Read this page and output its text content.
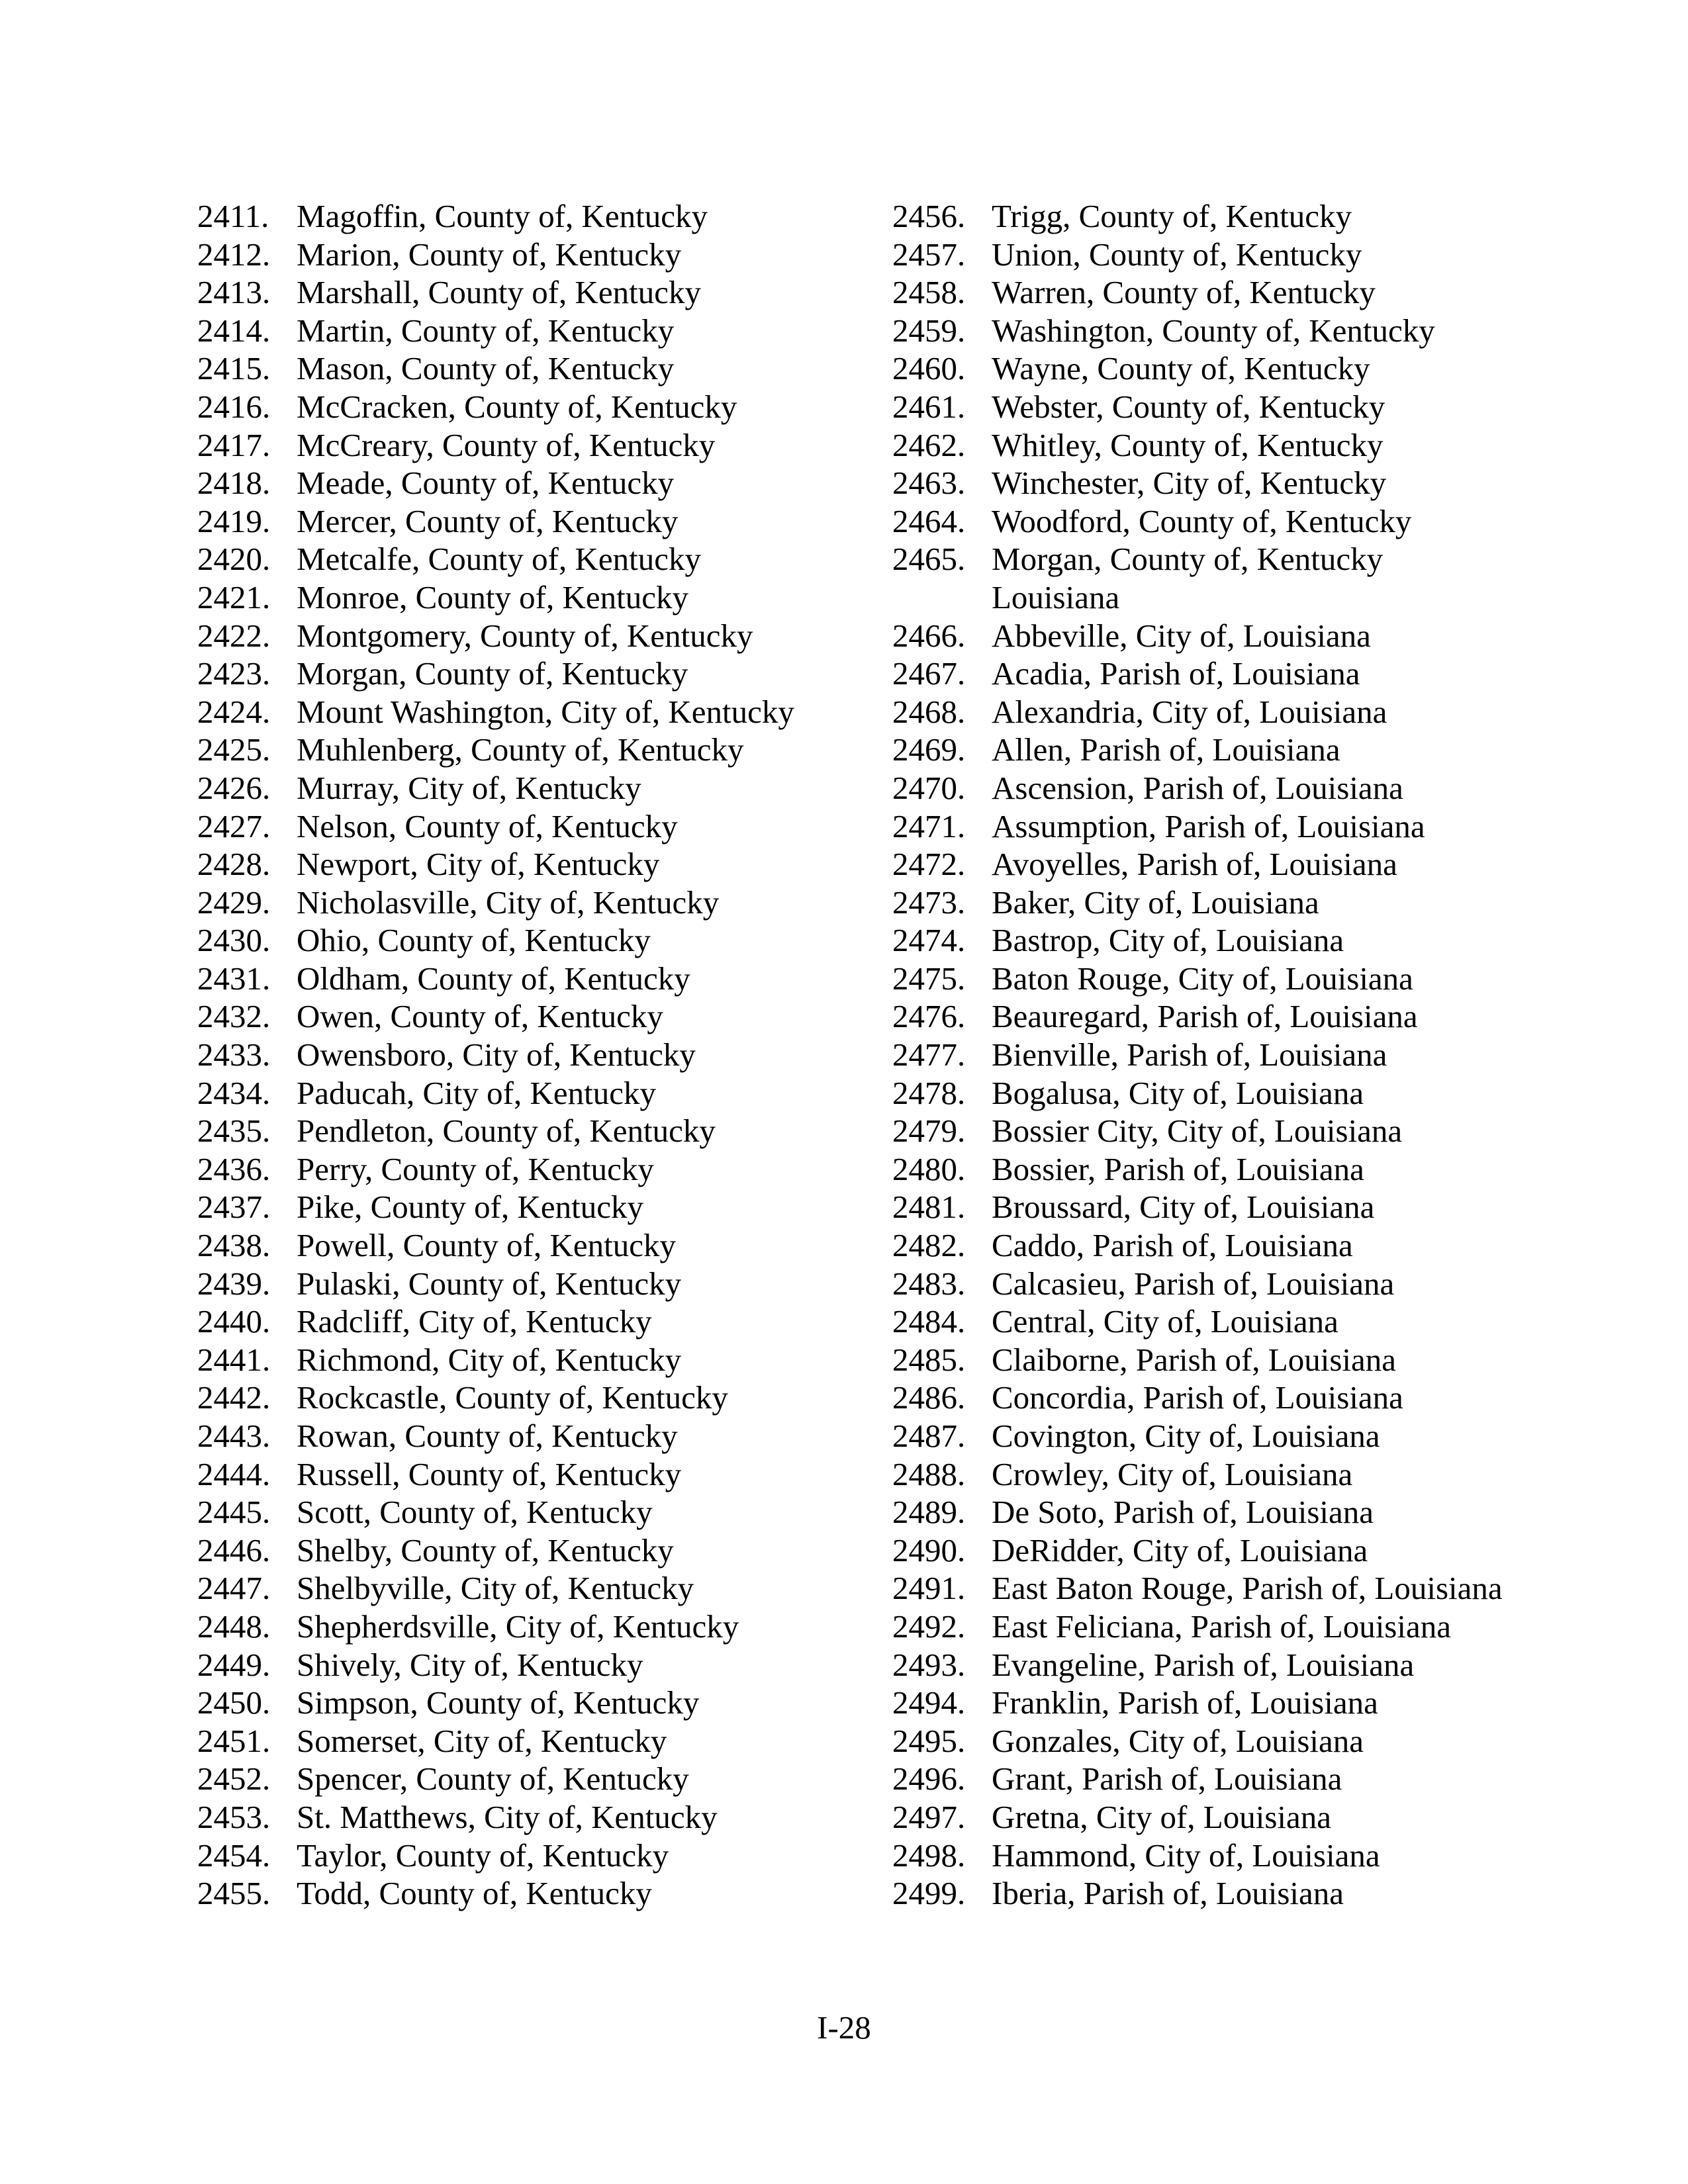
2411. Magoffin, County of, Kentucky
2412. Marion, County of, Kentucky
2413. Marshall, County of, Kentucky
2414. Martin, County of, Kentucky
2415. Mason, County of, Kentucky
2416. McCracken, County of, Kentucky
2417. McCreary, County of, Kentucky
2418. Meade, County of, Kentucky
2419. Mercer, County of, Kentucky
2420. Metcalfe, County of, Kentucky
2421. Monroe, County of, Kentucky
2422. Montgomery, County of, Kentucky
2423. Morgan, County of, Kentucky
2424. Mount Washington, City of, Kentucky
2425. Muhlenberg, County of, Kentucky
2426. Murray, City of, Kentucky
2427. Nelson, County of, Kentucky
2428. Newport, City of, Kentucky
2429. Nicholasville, City of, Kentucky
2430. Ohio, County of, Kentucky
2431. Oldham, County of, Kentucky
2432. Owen, County of, Kentucky
2433. Owensboro, City of, Kentucky
2434. Paducah, City of, Kentucky
2435. Pendleton, County of, Kentucky
2436. Perry, County of, Kentucky
2437. Pike, County of, Kentucky
2438. Powell, County of, Kentucky
2439. Pulaski, County of, Kentucky
2440. Radcliff, City of, Kentucky
2441. Richmond, City of, Kentucky
2442. Rockcastle, County of, Kentucky
2443. Rowan, County of, Kentucky
2444. Russell, County of, Kentucky
2445. Scott, County of, Kentucky
2446. Shelby, County of, Kentucky
2447. Shelbyville, City of, Kentucky
2448. Shepherdsville, City of, Kentucky
2449. Shively, City of, Kentucky
2450. Simpson, County of, Kentucky
2451. Somerset, City of, Kentucky
2452. Spencer, County of, Kentucky
2453. St. Matthews, City of, Kentucky
2454. Taylor, County of, Kentucky
2455. Todd, County of, Kentucky
2456. Trigg, County of, Kentucky
2457. Union, County of, Kentucky
2458. Warren, County of, Kentucky
2459. Washington, County of, Kentucky
2460. Wayne, County of, Kentucky
2461. Webster, County of, Kentucky
2462. Whitley, County of, Kentucky
2463. Winchester, City of, Kentucky
2464. Woodford, County of, Kentucky
2465. Morgan, County of, Kentucky
Louisiana
2466. Abbeville, City of, Louisiana
2467. Acadia, Parish of, Louisiana
2468. Alexandria, City of, Louisiana
2469. Allen, Parish of, Louisiana
2470. Ascension, Parish of, Louisiana
2471. Assumption, Parish of, Louisiana
2472. Avoyelles, Parish of, Louisiana
2473. Baker, City of, Louisiana
2474. Bastrop, City of, Louisiana
2475. Baton Rouge, City of, Louisiana
2476. Beauregard, Parish of, Louisiana
2477. Bienville, Parish of, Louisiana
2478. Bogalusa, City of, Louisiana
2479. Bossier City, City of, Louisiana
2480. Bossier, Parish of, Louisiana
2481. Broussard, City of, Louisiana
2482. Caddo, Parish of, Louisiana
2483. Calcasieu, Parish of, Louisiana
2484. Central, City of, Louisiana
2485. Claiborne, Parish of, Louisiana
2486. Concordia, Parish of, Louisiana
2487. Covington, City of, Louisiana
2488. Crowley, City of, Louisiana
2489. De Soto, Parish of, Louisiana
2490. DeRidder, City of, Louisiana
2491. East Baton Rouge, Parish of, Louisiana
2492. East Feliciana, Parish of, Louisiana
2493. Evangeline, Parish of, Louisiana
2494. Franklin, Parish of, Louisiana
2495. Gonzales, City of, Louisiana
2496. Grant, Parish of, Louisiana
2497. Gretna, City of, Louisiana
2498. Hammond, City of, Louisiana
2499. Iberia, Parish of, Louisiana
I-28
